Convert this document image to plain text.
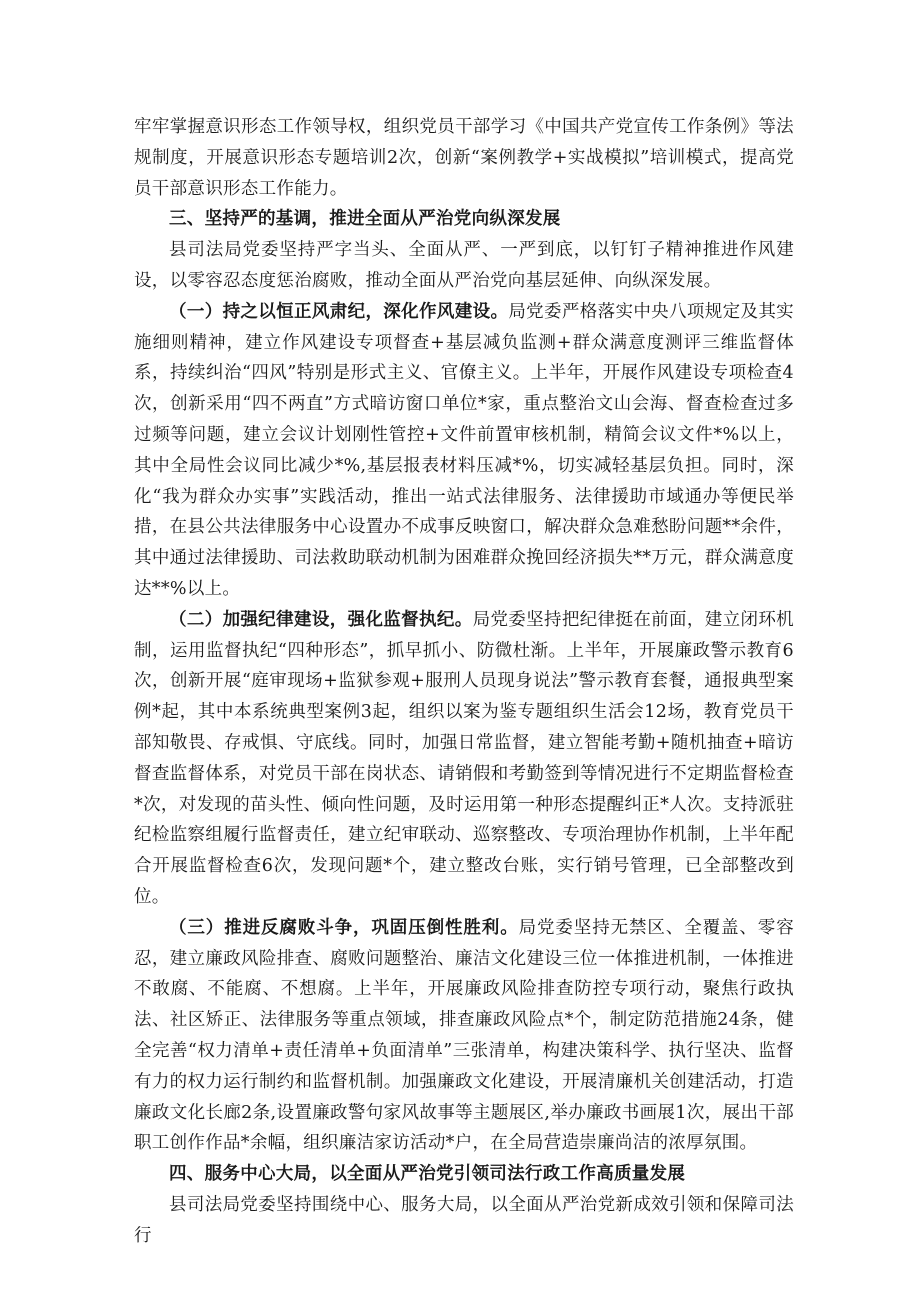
牢牢掌握意识形态工作领导权，组织党员干部学习《中国共产党宣传工作条例》等法规制度，开展意识形态专题培训2次，创新“案例教学+实战模拟”培训模式，提高党员干部意识形态工作能力。

三、坚持严的基调，推进全面从严治党向纵深发展

县司法局党委坚持严字当头、全面从严、一严到底，以钉钉子精神推进作风建设，以零容忍态度惩治腐败，推动全面从严治党向基层延伸、向纵深发展。

（一）持之以恒正风肃纪，深化作风建设。局党委严格落实中央八项规定及其实施细则精神，建立作风建设专项督查+基层减负监测+群众满意度测评三维监督体系，持续纠治“四风”特别是形式主义、官僚主义。上半年，开展作风建设专项检查4次，创新采用“四不两直”方式暗访窗口单位*家，重点整治文山会海、督查检查过多过频等问题，建立会议计划刚性管控+文件前置审核机制，精简会议文件*%以上，其中全局性会议同比减少*%,基层报表材料压减*%，切实减轻基层负担。同时，深化“我为群众办实事”实践活动，推出一站式法律服务、法律援助市域通办等便民举措，在县公共法律服务中心设置办不成事反映窗口，解决群众急难愁盼问题**余件，其中通过法律援助、司法救助联动机制为困难群众挽回经济损失**万元，群众满意度达**%以上。

（二）加强纪律建设，强化监督执纪。局党委坚持把纪律挺在前面，建立闭环机制，运用监督执纪“四种形态”，抓早抓小、防微杜渐。上半年，开展廉政警示教育6次，创新开展“庭审现场+监狱参观+服刑人员现身说法”警示教育套餐，通报典型案例*起，其中本系统典型案例3起，组织以案为鉴专题组织生活会12场，教育党员干部知敬畏、存戒惧、守底线。同时，加强日常监督，建立智能考勤+随机抽查+暗访督查监督体系，对党员干部在岗状态、请销假和考勤签到等情况进行不定期监督检查*次，对发现的苗头性、倾向性问题，及时运用第一种形态提醒纠正*人次。支持派驻纪检监察组履行监督责任，建立纪审联动、巡察整改、专项治理协作机制，上半年配合开展监督检查6次，发现问题*个，建立整改台账，实行销号管理，已全部整改到位。

（三）推进反腐败斗争，巩固压倒性胜利。局党委坚持无禁区、全覆盖、零容忍，建立廉政风险排查、腐败问题整治、廉洁文化建设三位一体推进机制，一体推进不敢腐、不能腐、不想腐。上半年，开展廉政风险排查防控专项行动，聚焦行政执法、社区矫正、法律服务等重点领域，排查廉政风险点*个，制定防范措施24条，健全完善“权力清单+责任清单+负面清单”三张清单，构建决策科学、执行坚决、监督有力的权力运行制约和监督机制。加强廉政文化建设，开展清廉机关创建活动，打造廉政文化长廊2条,设置廉政警句家风故事等主题展区,举办廉政书画展1次，展出干部职工创作作品*余幅，组织廉洁家访活动*户，在全局营造崇廉尚洁的浓厚氛围。

四、服务中心大局，以全面从严治党引领司法行政工作高质量发展

县司法局党委坚持围绕中心、服务大局，以全面从严治党新成效引领和保障司法行
